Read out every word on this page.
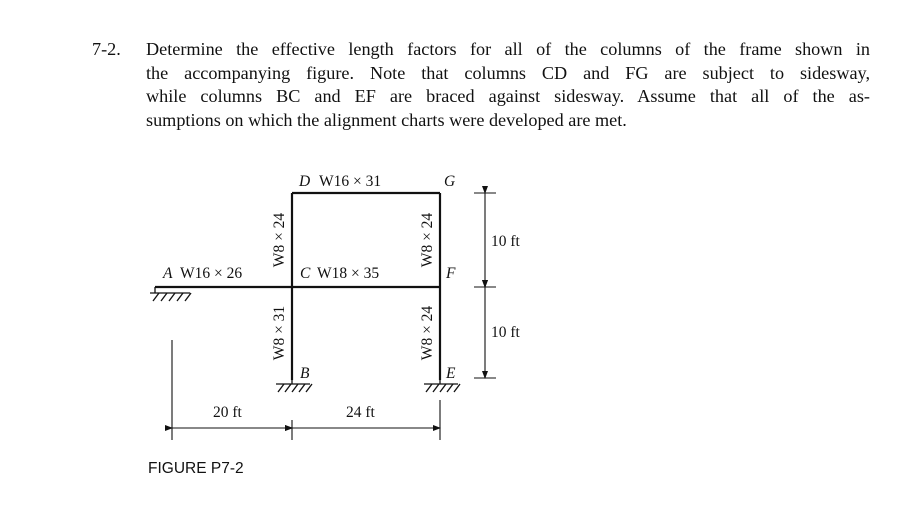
7-2. Determine the effective length factors for all of the columns of the frame shown in
the accompanying figure. Note that columns CD and FG are subject to sidesway,
while columns BC and EF are braced against sidesway. Assume that all of the as-
sumptions on which the alignment charts were developed are met.
D	G
A	C	F
B	E
W16 × 31
W16 × 26	W18 × 35
W8 × 24
W8 × 31
W8 × 24
W8 × 24
20 ft	24 ft
10 ft
10 ft
FIGURE P7-2
